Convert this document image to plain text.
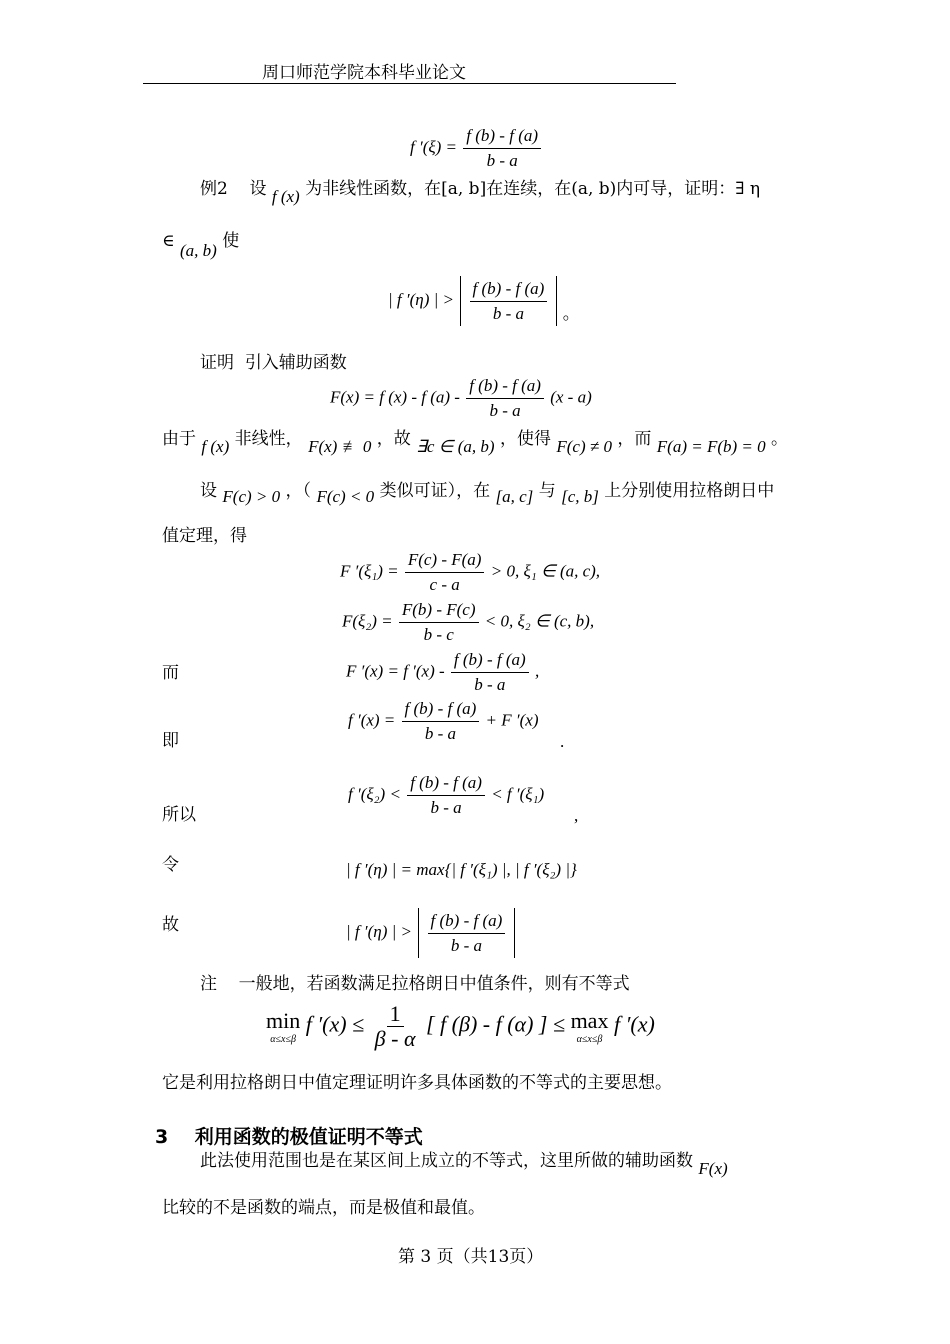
周口师范学院本科毕业论文
f $'(\xi) = \frac{f (b) - f (a)}{b - a}$
例2 设 f (x) 为非线性函数，在[a, b]在连续，在(a, b)内可导，证明：∃ η
∈ (a, b) 使
| f ′(η) | > $\frac{f (b) - f (a)}{b - a}$ 。
证明 引入辅助函数
F(x) = f (x) - f $(a) - \frac{f (b) - f (a)}{b - a} (x - a)$
由于 f (x) 非线性， F(x) ≢ 0 ，故 ∃c ∈ (a, b) ，使得 F(c) ≠ 0 ，而 F(a) = F(b) = 0 。
设 F(c) > 0 ，（ F(c) < 0 类似可证），在 [a, c] 与 [c, b] 上分别使用拉格朗日中
值定理，得
F $'(\xi_1) = \frac{F(c) - F(a)}{c - a} > 0$, ξ₁ ∈ (a, c),
$F(\xi_2) = \frac{F(b) - F(c)}{b - c} < 0$, ξ₂ ∈ (c, b),
而	F ′(x) = f $'(x) - \frac{f (b) - f (a)}{b - a}$ ,
即
f $'(x) = \frac{f (b) - f (a)}{b - a} + F$ ′(x)
.
所以
f $'(\xi_2) < \frac{f (b) - f (a)}{b - a} < f$ ′(ξ₁)
,
令	| f ′(η) | = max{| f ′(ξ₁) |, | f ′(ξ₂) |}
故	| f ′(η) | > $\frac{f (b) - f (a)}{b - a}$

注 一般地，若函数满足拉格朗日中值条件，则有不等式
min
α≤x≤β
f $'(x) \le \frac{1}{\beta - \alpha}$ [ f (β) - f (α) ] ≤ max
α≤x≤β
f ′(x)
它是利用拉格朗日中值定理证明许多具体函数的不等式的主要思想。
3 利用函数的极值证明不等式
此法使用范围也是在某区间上成立的不等式，这里所做的辅助函数 F(x)
比较的不是函数的端点，而是极值和最值。
第 3 页（共13页）
